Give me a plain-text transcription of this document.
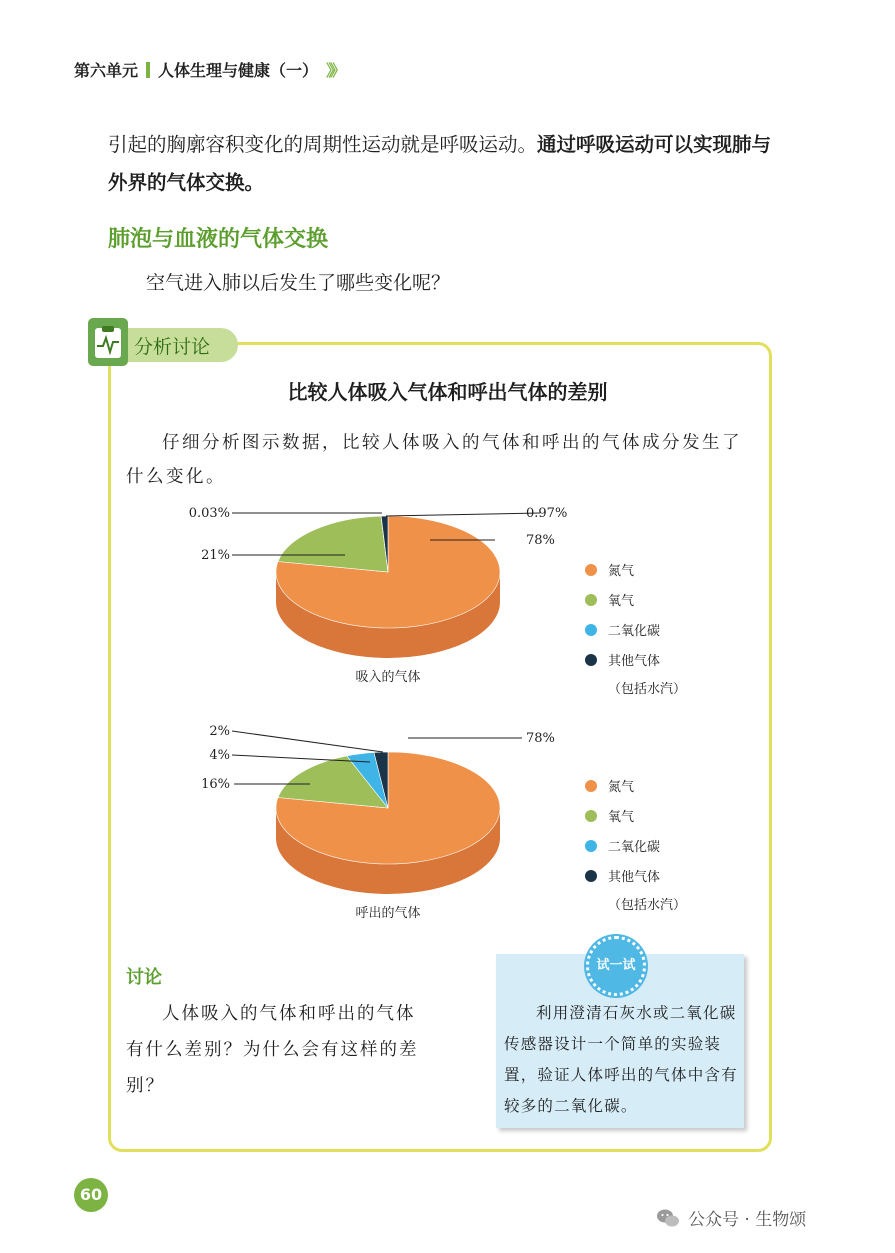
第六单元 人体生理与健康（一） 》》

引起的胸廓容积变化的周期性运动就是呼吸运动。通过呼吸运动可以实现肺与外界的气体交换。

肺泡与血液的气体交换
空气进入肺以后发生了哪些变化呢？
分析讨论
比较人体吸入气体和呼出气体的差别

仔细分析图示数据，比较人体吸入的气体和呼出的气体成分发生了什么变化。

78%
21%
0.03%	0.97%
吸入的气体
氮气
氧气
二氧化碳
其他气体
（包括水汽）
78%
16%
4%
2%
呼出的气体
氮气
氧气
二氧化碳
其他气体
（包括水汽）
讨论

人体吸入的气体和呼出的气体有什么差别？为什么会有这样的差别？

利用澄清石灰水或二氧化碳传感器设计一个简单的实验装置，验证人体呼出的气体中含有较多的二氧化碳。

试一试
60
公众号 · 生物颂
